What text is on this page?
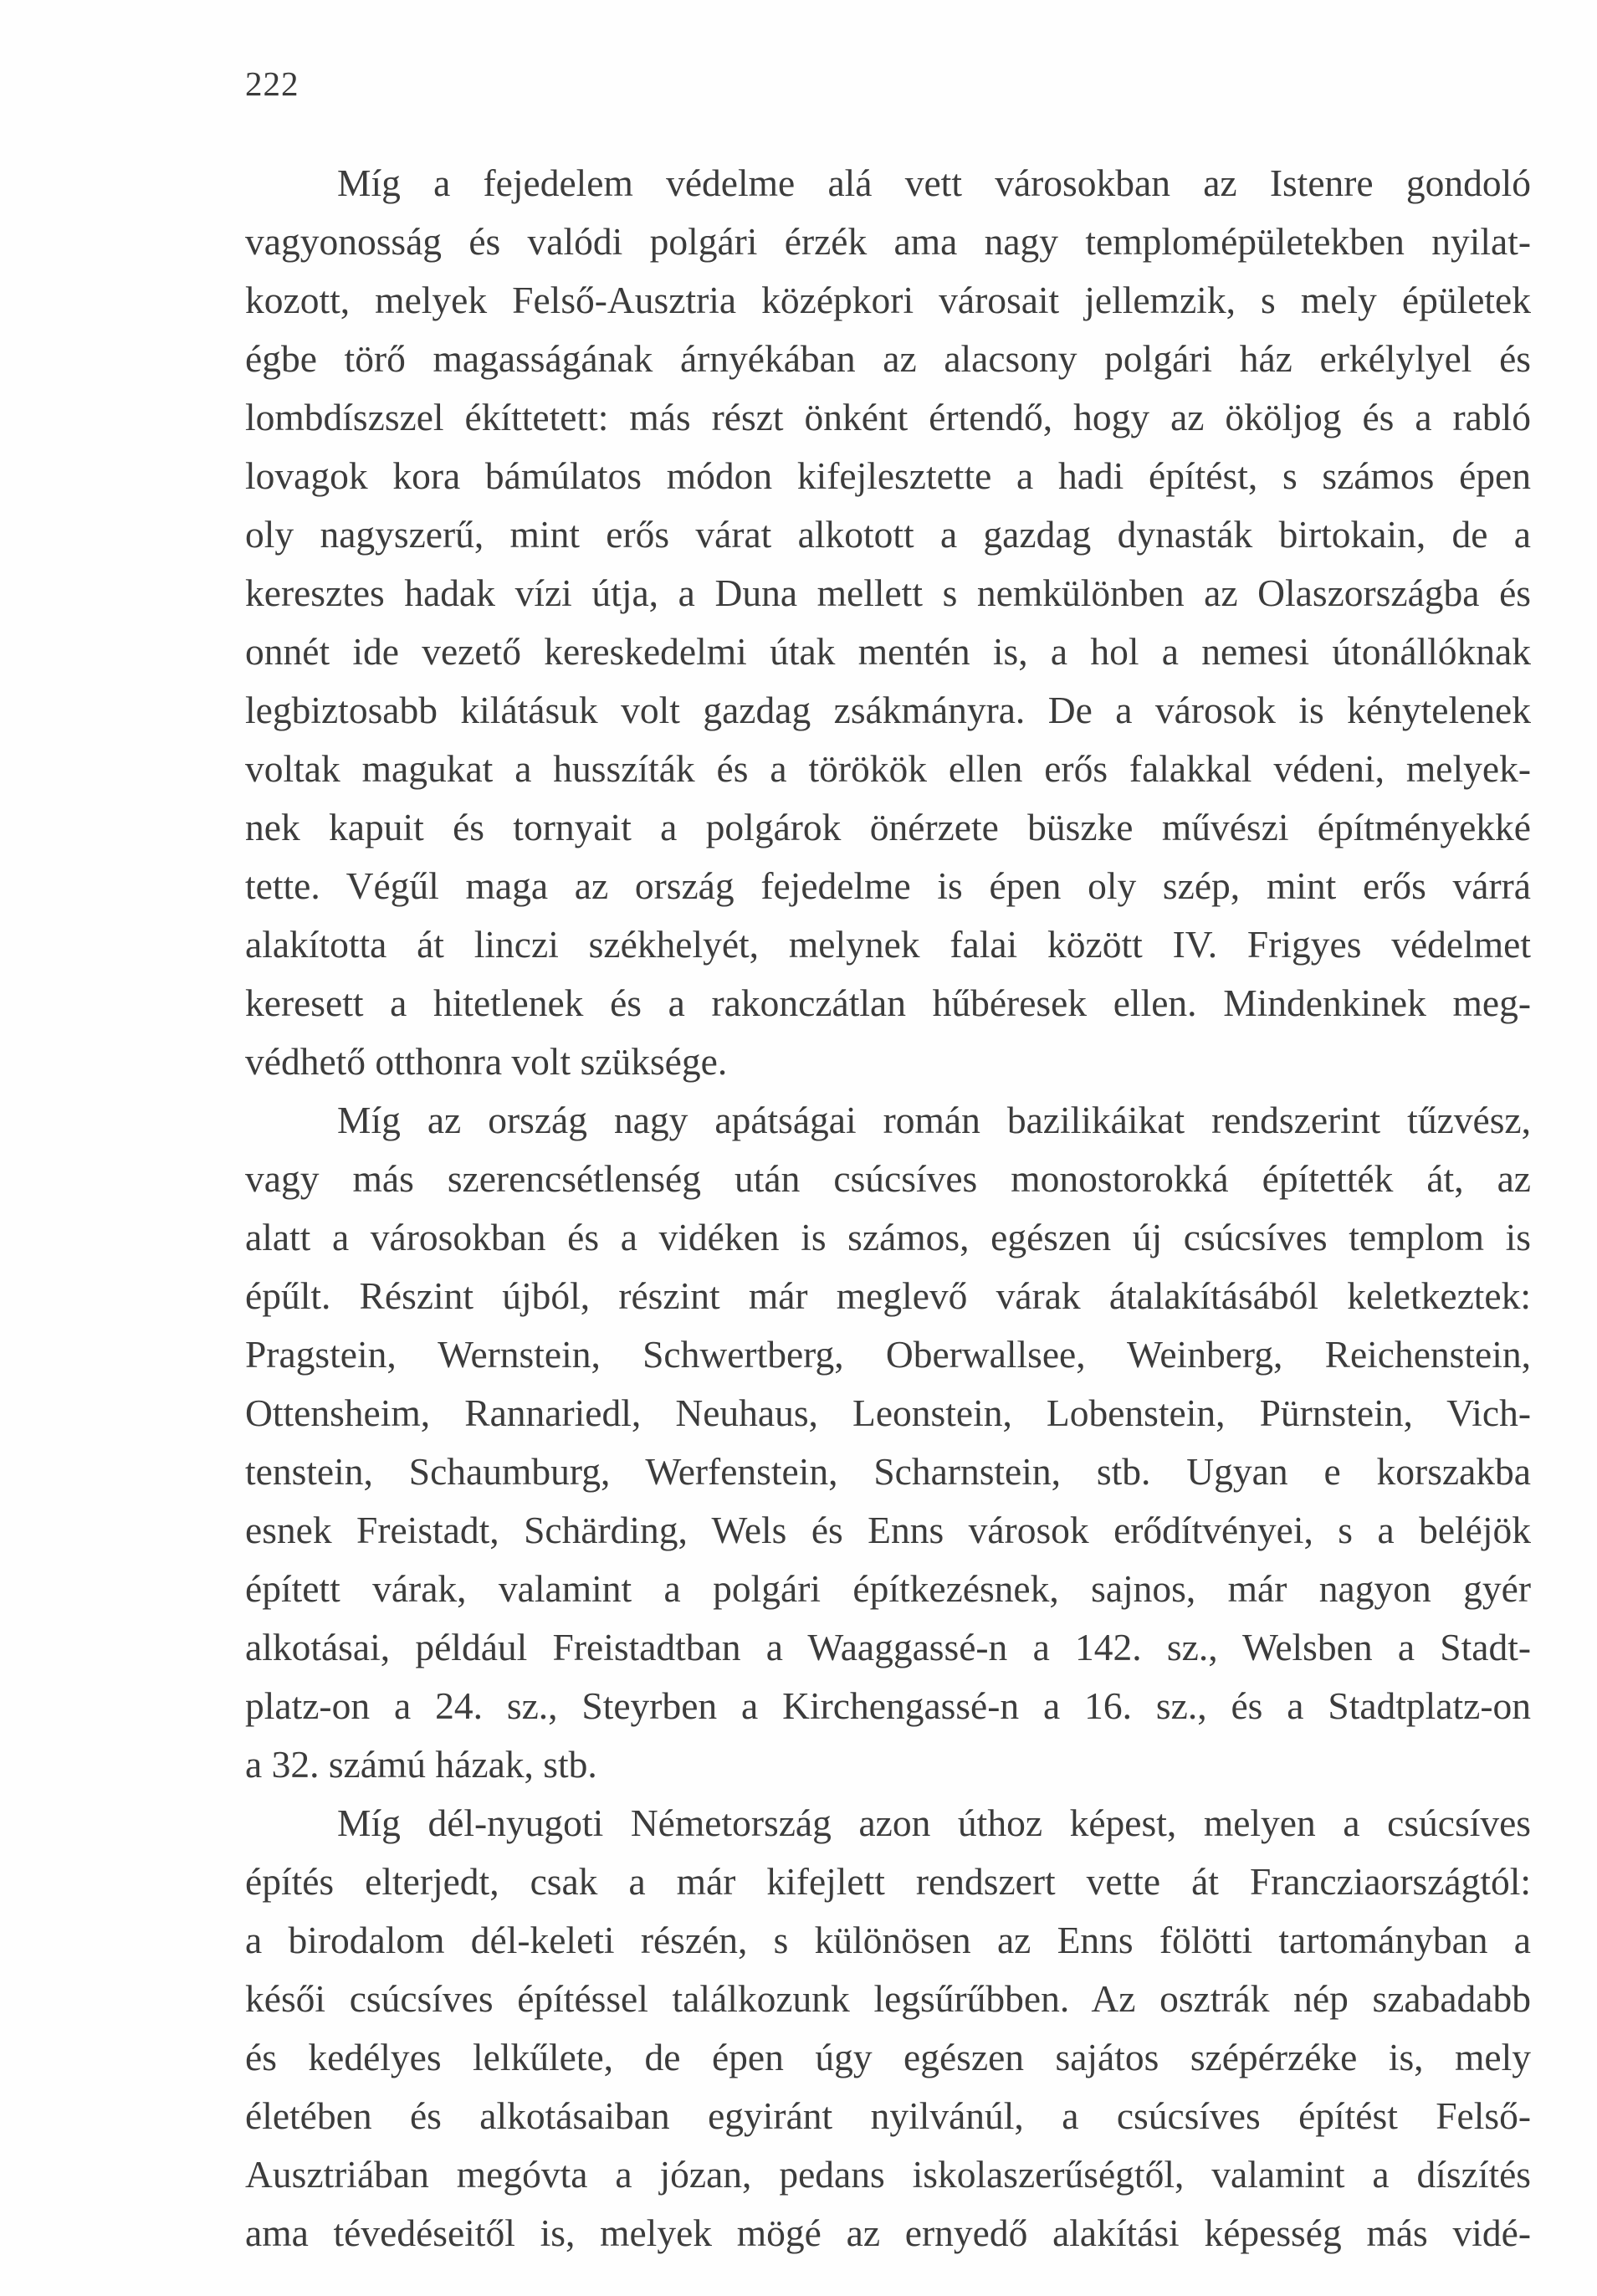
222
Míg a fejedelem védelme alá vett városokban az Istenre gondoló
vagyonosság és valódi polgári érzék ama nagy templomépületekben nyilat-
kozott, melyek Felső-Ausztria középkori városait jellemzik, s mely épületek
égbe törő magasságának árnyékában az alacsony polgári ház erkélylyel és
lombdíszszel ékíttetett: más részt önként értendő, hogy az ököljog és a rabló
lovagok kora bámúlatos módon kifejlesztette a hadi építést, s számos épen
oly nagyszerű, mint erős várat alkotott a gazdag dynasták birtokain, de a
keresztes hadak vízi útja, a Duna mellett s nemkülönben az Olaszországba és
onnét ide vezető kereskedelmi útak mentén is, a hol a nemesi útonállóknak
legbiztosabb kilátásuk volt gazdag zsákmányra. De a városok is kénytelenek
voltak magukat a husszíták és a törökök ellen erős falakkal védeni, melyek-
nek kapuit és tornyait a polgárok önérzete büszke művészi építményekké
tette. Végűl maga az ország fejedelme is épen oly szép, mint erős várrá
alakította át linczi székhelyét, melynek falai között IV. Frigyes védelmet
keresett a hitetlenek és a rakonczátlan hűbéresek ellen. Mindenkinek meg-
védhető otthonra volt szüksége.
Míg az ország nagy apátságai román bazilikáikat rendszerint tűzvész,
vagy más szerencsétlenség után csúcsíves monostorokká építették át, az
alatt a városokban és a vidéken is számos, egészen új csúcsíves templom is
épűlt. Részint újból, részint már meglevő várak átalakításából keletkeztek:
Pragstein, Wernstein, Schwertberg, Oberwallsee, Weinberg, Reichenstein,
Ottensheim, Rannariedl, Neuhaus, Leonstein, Lobenstein, Pürnstein, Vich-
tenstein, Schaumburg, Werfenstein, Scharnstein, stb. Ugyan e korszakba
esnek Freistadt, Schärding, Wels és Enns városok erődítvényei, s a beléjök
épített várak, valamint a polgári építkezésnek, sajnos, már nagyon gyér
alkotásai, például Freistadtban a Waaggassé-n a 142. sz., Welsben a Stadt-
platz-on a 24. sz., Steyrben a Kirchengassé-n a 16. sz., és a Stadtplatz-on
a 32. számú házak, stb.
Míg dél-nyugoti Németország azon úthoz képest, melyen a csúcsíves
építés elterjedt, csak a már kifejlett rendszert vette át Francziaországtól:
a birodalom dél-keleti részén, s különösen az Enns fölötti tartományban a
késői csúcsíves építéssel találkozunk legsűrűbben. Az osztrák nép szabadabb
és kedélyes lelkűlete, de épen úgy egészen sajátos szépérzéke is, mely
életében és alkotásaiban egyiránt nyilvánúl, a csúcsíves építést Felső-
Ausztriában megóvta a józan, pedans iskolaszerűségtől, valamint a díszítés
ama tévedéseitől is, melyek mögé az ernyedő alakítási képesség más vidé-
